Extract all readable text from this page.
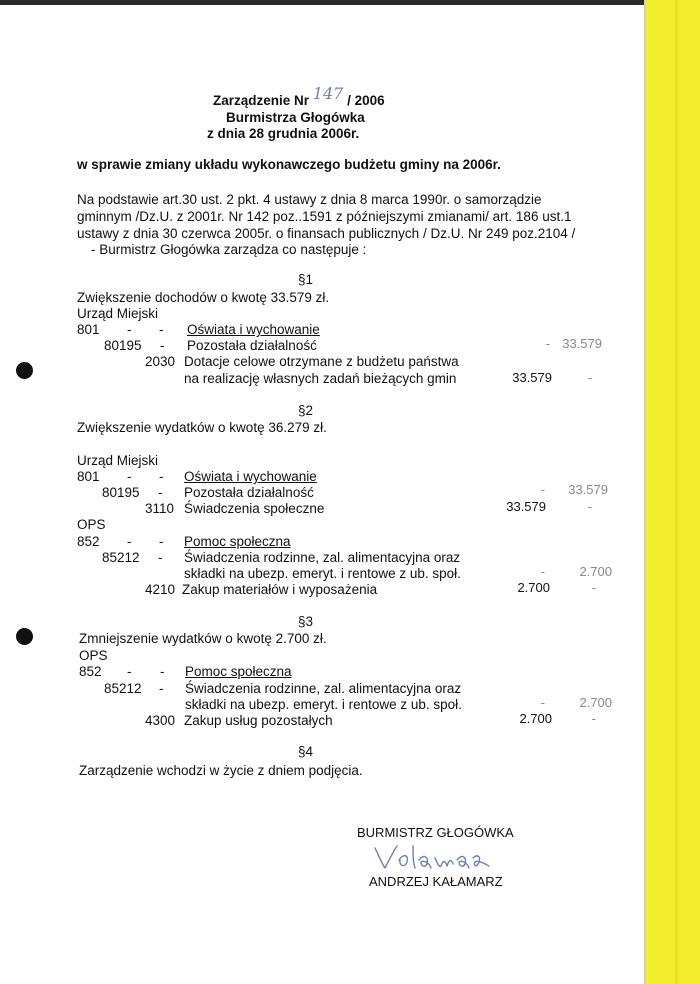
Zarządzenie Nr 147 / 2006
Burmistrza Głogówka
z dnia 28 grudnia 2006r.
w sprawie zmiany układu wykonawczego budżetu gminy na 2006r.
Na podstawie art.30 ust. 2 pkt. 4 ustawy z dnia 8 marca 1990r. o samorządzie
gminnym /Dz.U. z 2001r. Nr 142 poz..1591 z późniejszymi zmianami/ art. 186 ust.1
ustawy z dnia 30 czerwca 2005r. o finansach publicznych / Dz.U. Nr 249 poz.2104 /
- Burmistrz Głogówka zarządza co następuje :
§1
Zwiększenie dochodów o kwotę 33.579 zł.
Urząd Miejski
801 - - Oświata i wychowanie
80195 - Pozostała działalność	- 33.579
2030 Dotacje celowe otrzymane z budżetu państwa
na realizację własnych zadań bieżących gmin	33.579	-
§2
Zwiększenie wydatków o kwotę 36.279 zł.
Urząd Miejski
801 - - Oświata i wychowanie
80195 - Pozostała działalność	-	33.579
3110 Świadczenia społeczne	33.579	-
OPS
852 - - Pomoc społeczna
85212 - Świadczenia rodzinne, zal. alimentacyjna oraz
składki na ubezp. emeryt. i rentowe z ub. społ.	-	2.700
4210 Zakup materiałów i wyposażenia	2.700	-
§3
Zmniejszenie wydatków o kwotę 2.700 zł.
OPS
852 - - Pomoc społeczna
85212 - Świadczenia rodzinne, zal. alimentacyjna oraz
składki na ubezp. emeryt. i rentowe z ub. społ.	-	2.700
4300 Zakup usług pozostałych	2.700	-
§4
Zarządzenie wchodzi w życie z dniem podjęcia.
BURMISTRZ GŁOGÓWKA
ANDRZEJ KAŁAMARZ
